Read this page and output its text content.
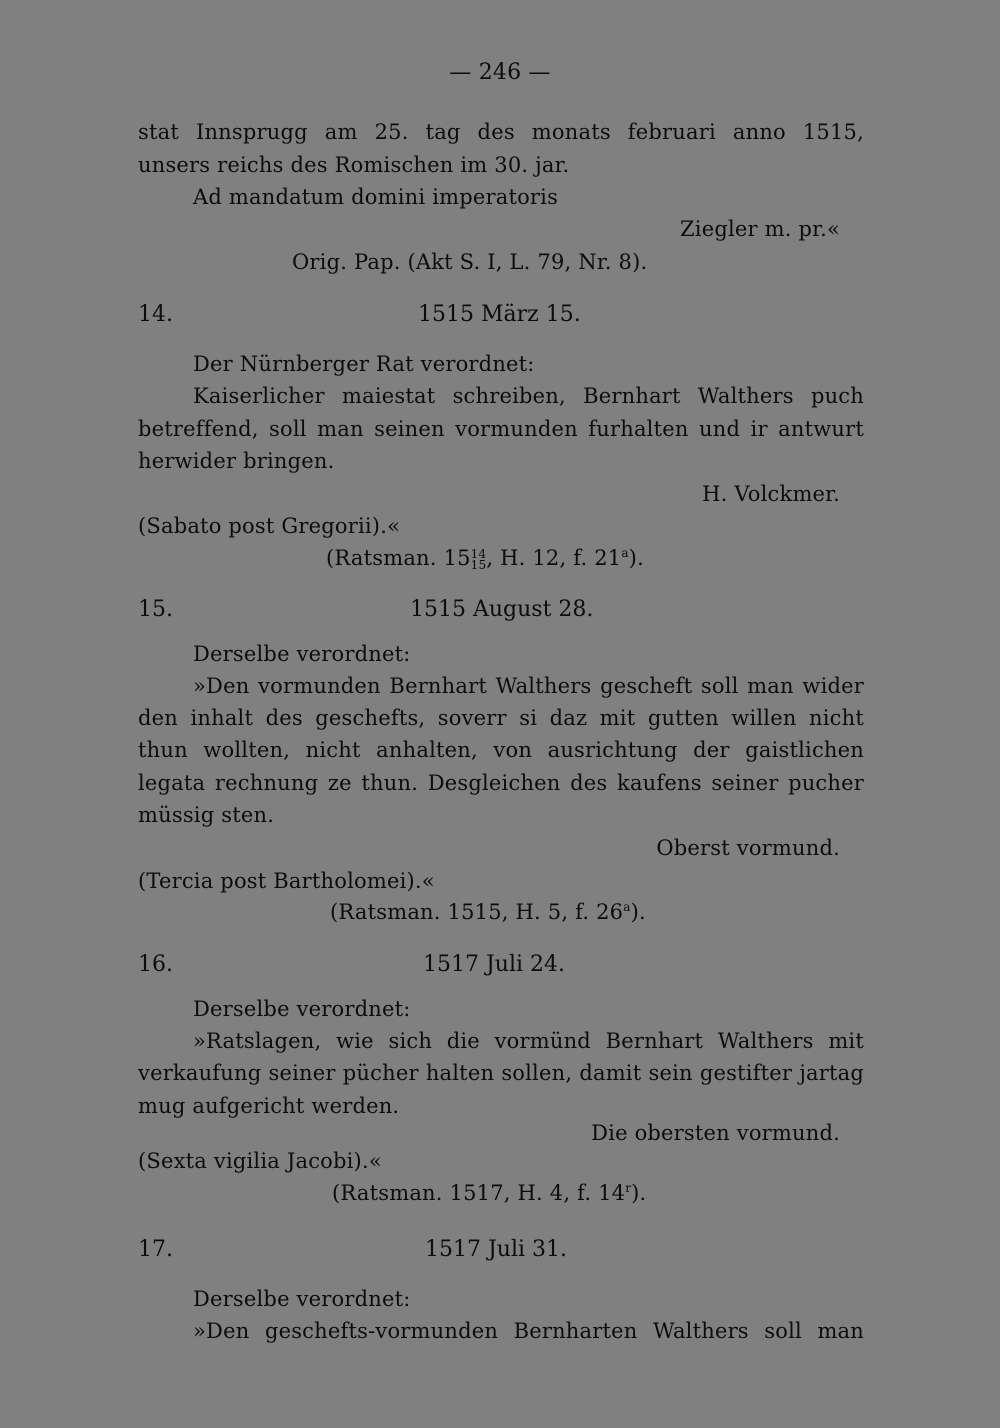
— 246 —
stat Innsprugg am 25. tag des monats februari anno 1515,
unsers reichs des Romischen im 30. jar.
Ad mandatum domini imperatoris
Ziegler m. pr.«
Orig. Pap. (Akt S. I, L. 79, Nr. 8).
14.	1515 März 15.
Der Nürnberger Rat verordnet:
Kaiserlicher maiestat schreiben, Bernhart Walthers puch
betreffend, soll man seinen vormunden furhalten und ir antwurt
herwider bringen.
H. Volckmer.
(Sabato post Gregorii).«
(Ratsman. 15 14
15 , H. 12, f. 21$^a$).
15.	1515 August 28.
Derselbe verordnet:
»Den vormunden Bernhart Walthers gescheft soll man wider
den inhalt des geschefts, soverr si daz mit gutten willen nicht
thun wollten, nicht anhalten, von ausrichtung der gaistlichen
legata rechnung ze thun. Desgleichen des kaufens seiner pucher
müssig sten.
Oberst vormund.
(Tercia post Bartholomei).«
(Ratsman. 1515, H. 5, f. 26$^a$).
16.	1517 Juli 24.
Derselbe verordnet:
»Ratslagen, wie sich die vormünd Bernhart Walthers mit
verkaufung seiner pücher halten sollen, damit sein gestifter jartag
mug aufgericht werden.
Die obersten vormund.
(Sexta vigilia Jacobi).«
(Ratsman. 1517, H. 4, f. 14$^r$).
17.	1517 Juli 31.
Derselbe verordnet:
»Den geschefts-vormunden Bernharten Walthers soll man
